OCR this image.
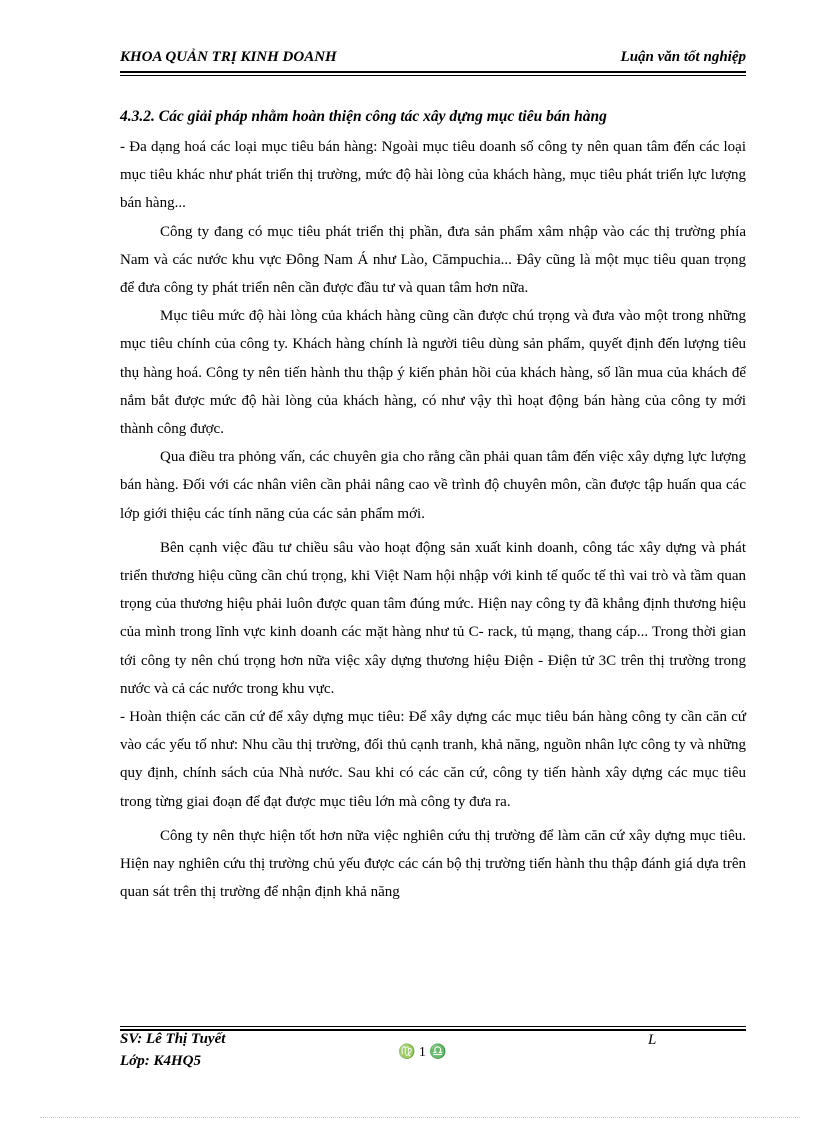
KHOA QUẢN TRỊ KINH DOANH	Luận văn tốt nghiệp
4.3.2. Các giải pháp nhằm hoàn thiện công tác xây dựng mục tiêu bán hàng

- Đa dạng hoá các loại mục tiêu bán hàng: Ngoài mục tiêu doanh số công ty nên quan tâm đến các loại mục tiêu khác như phát triển thị trường, mức độ hài lòng của khách hàng, mục tiêu phát triển lực lượng bán hàng...

Công ty đang có mục tiêu phát triển thị phần, đưa sản phẩm xâm nhập vào các thị trường phía Nam và các nước khu vực Đông Nam Á như Lào, Cămpuchia... Đây cũng là một mục tiêu quan trọng để đưa công ty phát triển nên cần được đầu tư và quan tâm hơn nữa.

Mục tiêu mức độ hài lòng của khách hàng cũng cần được chú trọng và đưa vào một trong những mục tiêu chính của công ty. Khách hàng chính là người tiêu dùng sản phẩm, quyết định đến lượng tiêu thụ hàng hoá. Công ty nên tiến hành thu thập ý kiến phản hồi của khách hàng, số lần mua của khách để nắm bắt được mức độ hài lòng của khách hàng, có như vậy thì hoạt động bán hàng của công ty mới thành công được.

Qua điều tra phỏng vấn, các chuyên gia cho rằng cần phải quan tâm đến việc xây dựng lực lượng bán hàng. Đối với các nhân viên cần phải nâng cao về trình độ chuyên môn, cần được tập huấn qua các lớp giới thiệu các tính năng của các sản phẩm mới.

Bên cạnh việc đầu tư chiều sâu vào hoạt động sản xuất kinh doanh, công tác xây dựng và phát triển thương hiệu cũng cần chú trọng, khi Việt Nam hội nhập với kinh tế quốc tế thì vai trò và tầm quan trọng của thương hiệu phải luôn được quan tâm đúng mức. Hiện nay công ty đã khẳng định thương hiệu của mình trong lĩnh vực kinh doanh các mặt hàng như tủ C- rack, tủ mạng, thang cáp... Trong thời gian tới công ty nên chú trọng hơn nữa việc xây dựng thương hiệu Điện - Điện tử 3C trên thị trường trong nước và cả các nước trong khu vực.

- Hoàn thiện các căn cứ để xây dựng mục tiêu: Để xây dựng các mục tiêu bán hàng công ty cần căn cứ vào các yếu tố như: Nhu cầu thị trường, đối thủ cạnh tranh, khả năng, nguồn nhân lực công ty và những quy định, chính sách của Nhà nước. Sau khi có các căn cứ, công ty tiến hành xây dựng các mục tiêu trong từng giai đoạn để đạt được mục tiêu lớn mà công ty đưa ra.

Công ty nên thực hiện tốt hơn nữa việc nghiên cứu thị trường để làm căn cứ xây dựng mục tiêu. Hiện nay nghiên cứu thị trường chủ yếu được các cán bộ thị trường tiến hành thu thập đánh giá dựa trên quan sát trên thị trường để nhận định khả năng

SV: Lê Thị Tuyết
Lớp: K4HQ5
♍ 1 ♎
L
